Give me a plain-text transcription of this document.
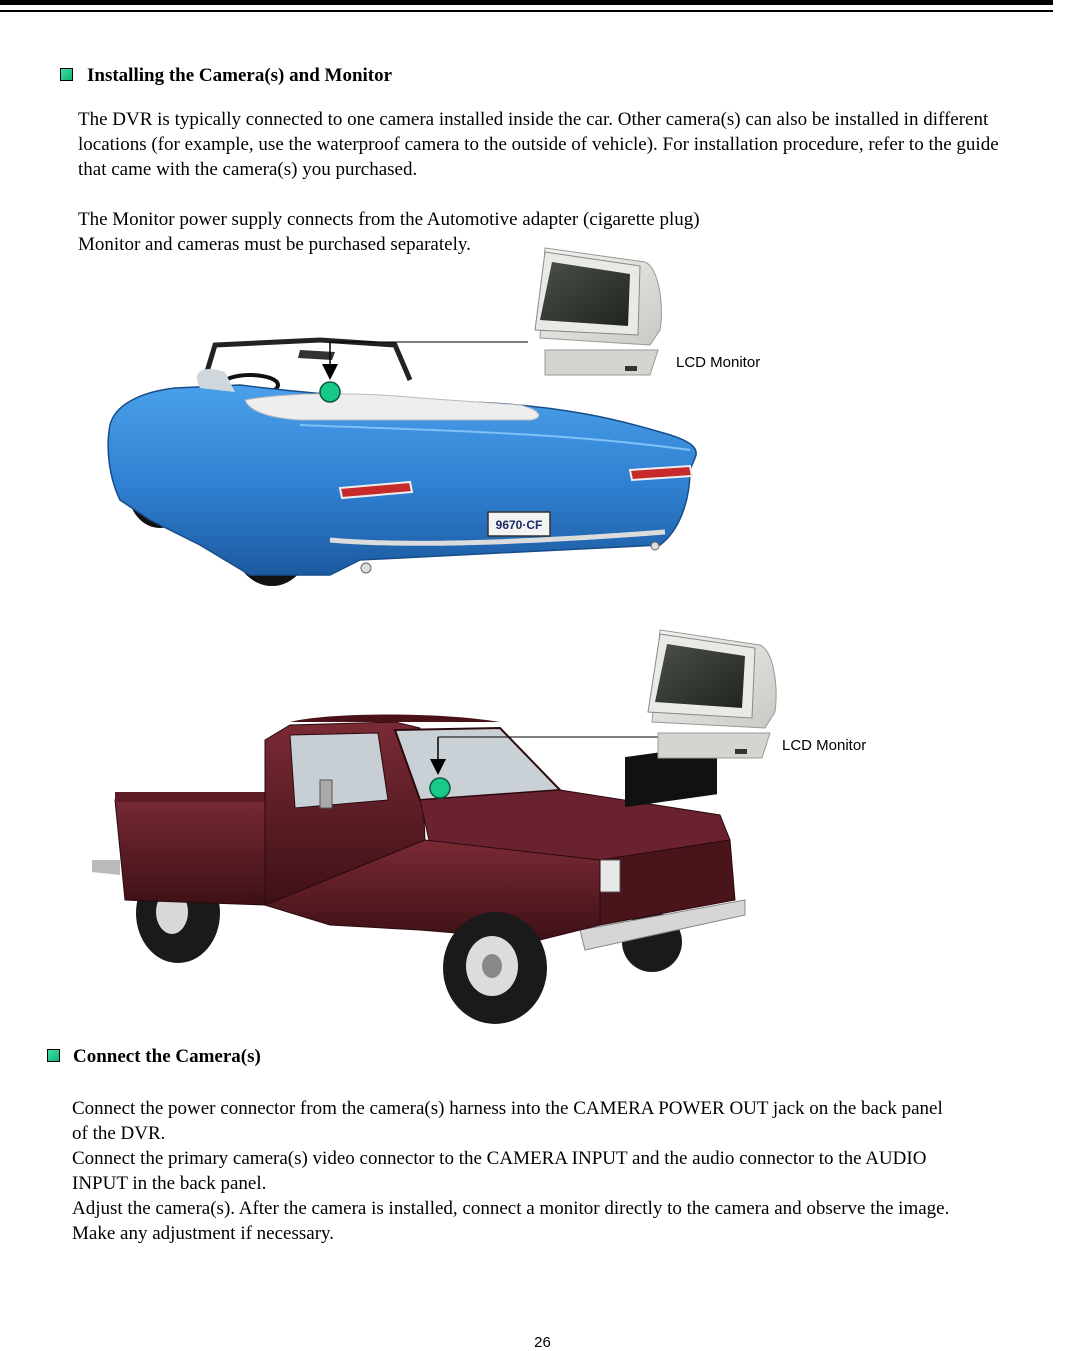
Installing the Camera(s) and Monitor
The DVR is typically connected to one camera installed inside the car. Other camera(s) can also be installed in different
locations (for example, use the waterproof camera to the outside of vehicle). For installation procedure, refer to the guide
that came with the camera(s) you purchased.
The Monitor power supply connects from the Automotive adapter (cigarette plug)
Monitor and cameras must be purchased separately.
9670·CF
LCD Monitor
LCD Monitor
Connect the Camera(s)
Connect the power connector from the camera(s) harness into the CAMERA POWER OUT jack on the back panel
of the DVR.
Connect the primary camera(s) video connector to the CAMERA INPUT and the audio connector to the AUDIO
INPUT in the back panel.
Adjust the camera(s). After the camera is installed, connect a monitor directly to the camera and observe the image.
Make any adjustment if necessary.
26
